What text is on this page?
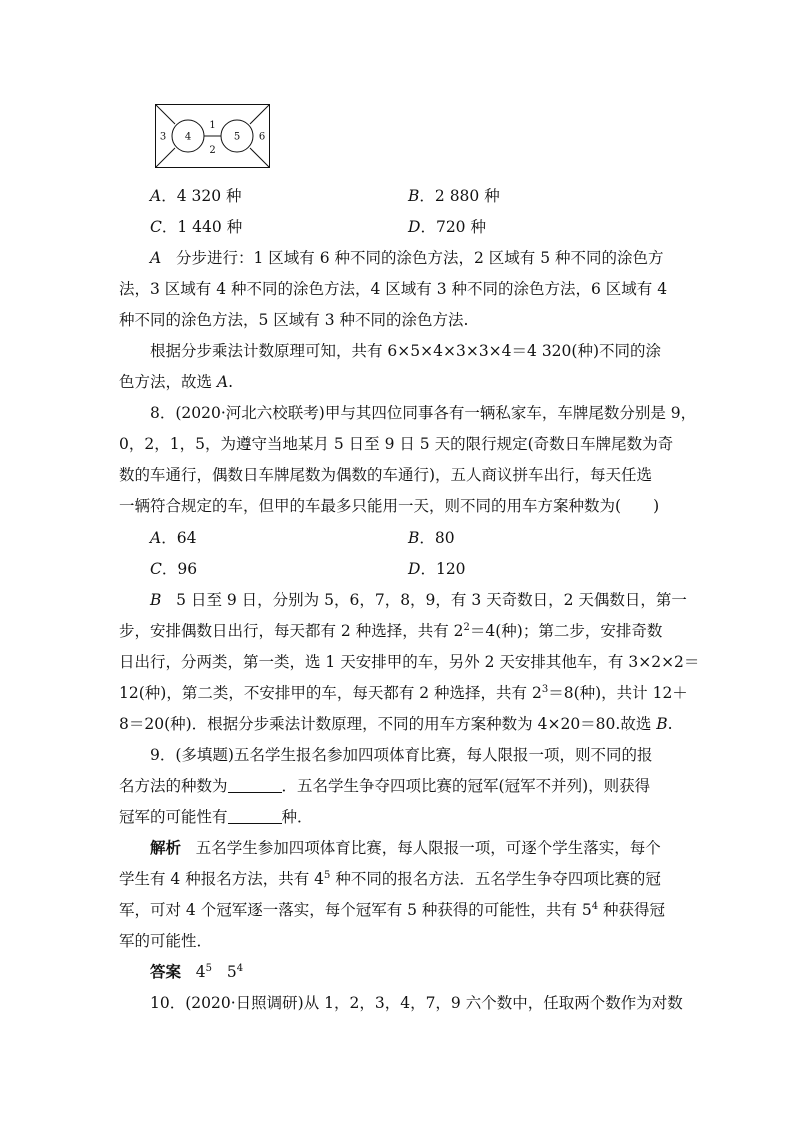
1
2
3 4	5 6
A．4 320 种	B．2 880 种
C．1 440 种	D．720 种
A 分步进行：1 区域有 6 种不同的涂色方法，2 区域有 5 种不同的涂色方
法，3 区域有 4 种不同的涂色方法，4 区域有 3 种不同的涂色方法，6 区域有 4
种不同的涂色方法，5 区域有 3 种不同的涂色方法.
根据分步乘法计数原理可知，共有 6×5×4×3×3×4＝4 320(种)不同的涂
色方法，故选 A.
8．(2020·河北六校联考)甲与其四位同事各有一辆私家车，车牌尾数分别是 9，
0，2，1，5，为遵守当地某月 5 日至 9 日 5 天的限行规定(奇数日车牌尾数为奇
数的车通行，偶数日车牌尾数为偶数的车通行)，五人商议拼车出行，每天任选
一辆符合规定的车，但甲的车最多只能用一天，则不同的用车方案种数为( )
A．64	B．80
C．96	D．120
B 5 日至 9 日，分别为 5，6，7，8，9，有 3 天奇数日，2 天偶数日，第一
步，安排偶数日出行，每天都有 2 种选择，共有 $2^2=4$(种)；第二步，安排奇数
日出行，分两类，第一类，选 1 天安排甲的车，另外 2 天安排其他车，有 3×2×2＝
12(种)，第二类，不安排甲的车，每天都有 2 种选择，共有 $2^3=8$(种)，共计 12＋
8＝20(种)．根据分步乘法计数原理，不同的用车方案种数为 4×20＝80.故选 B.
9．(多填题)五名学生报名参加四项体育比赛，每人限报一项，则不同的报
名方法的种数为	．五名学生争夺四项比赛的冠军(冠军不并列)，则获得
冠军的可能性有	种．
解析 五名学生参加四项体育比赛，每人限报一项，可逐个学生落实，每个
学生有 4 种报名方法，共有 $4^5$ 种不同的报名方法．五名学生争夺四项比赛的冠
军，可对 4 个冠军逐一落实，每个冠军有 5 种获得的可能性，共有 $5^4$ 种获得冠
军的可能性．
答案 $4^5$ $5^4$
10．(2020·日照调研)从 1，2，3，4，7，9 六个数中，任取两个数作为对数
